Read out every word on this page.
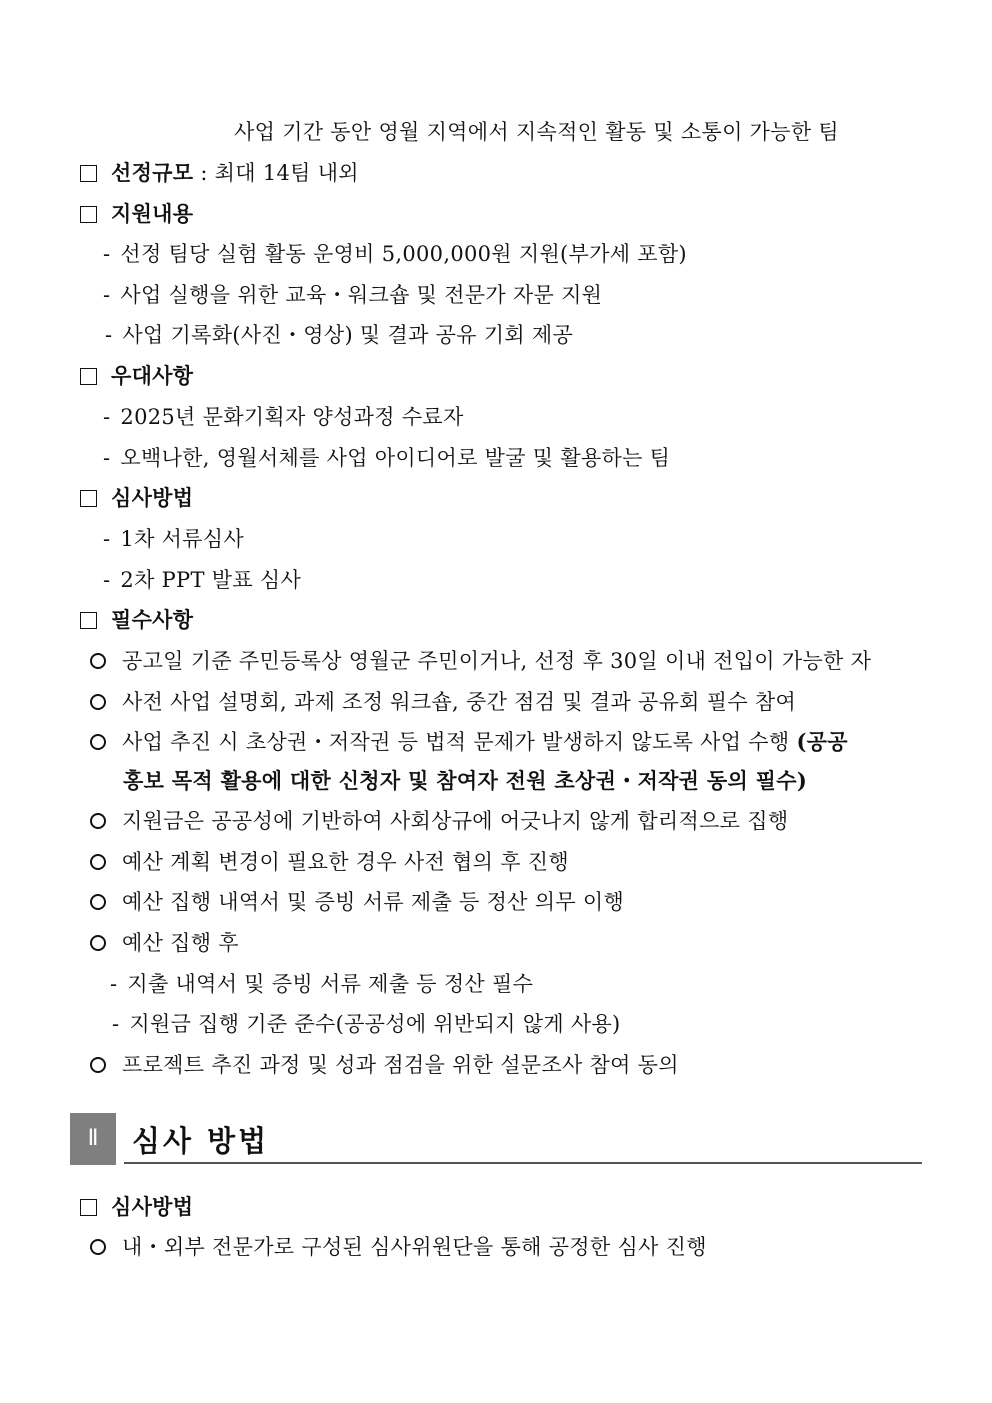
사업 기간 동안 영월 지역에서 지속적인 활동 및 소통이 가능한 팀
선정규모 : 최대 14팀 내외
지원내용
- 선정 팀당 실험 활동 운영비 5,000,000원 지원(부가세 포함)
- 사업 실행을 위한 교육・워크숍 및 전문가 자문 지원
- 사업 기록화(사진・영상) 및 결과 공유 기회 제공
우대사항
- 2025년 문화기획자 양성과정 수료자
- 오백나한, 영월서체를 사업 아이디어로 발굴 및 활용하는 팀
심사방법
- 1차 서류심사
- 2차 PPT 발표 심사
필수사항
공고일 기준 주민등록상 영월군 주민이거나, 선정 후 30일 이내 전입이 가능한 자
사전 사업 설명회, 과제 조정 워크숍, 중간 점검 및 결과 공유회 필수 참여
사업 추진 시 초상권・저작권 등 법적 문제가 발생하지 않도록 사업 수행 (공공
홍보 목적 활용에 대한 신청자 및 참여자 전원 초상권・저작권 동의 필수)
지원금은 공공성에 기반하여 사회상규에 어긋나지 않게 합리적으로 집행
예산 계획 변경이 필요한 경우 사전 협의 후 진행
예산 집행 내역서 및 증빙 서류 제출 등 정산 의무 이행
예산 집행 후
- 지출 내역서 및 증빙 서류 제출 등 정산 필수
- 지원금 집행 기준 준수(공공성에 위반되지 않게 사용)
프로젝트 추진 과정 및 성과 점검을 위한 설문조사 참여 동의
Ⅱ	심사 방법
심사방법
내・외부 전문가로 구성된 심사위원단을 통해 공정한 심사 진행
